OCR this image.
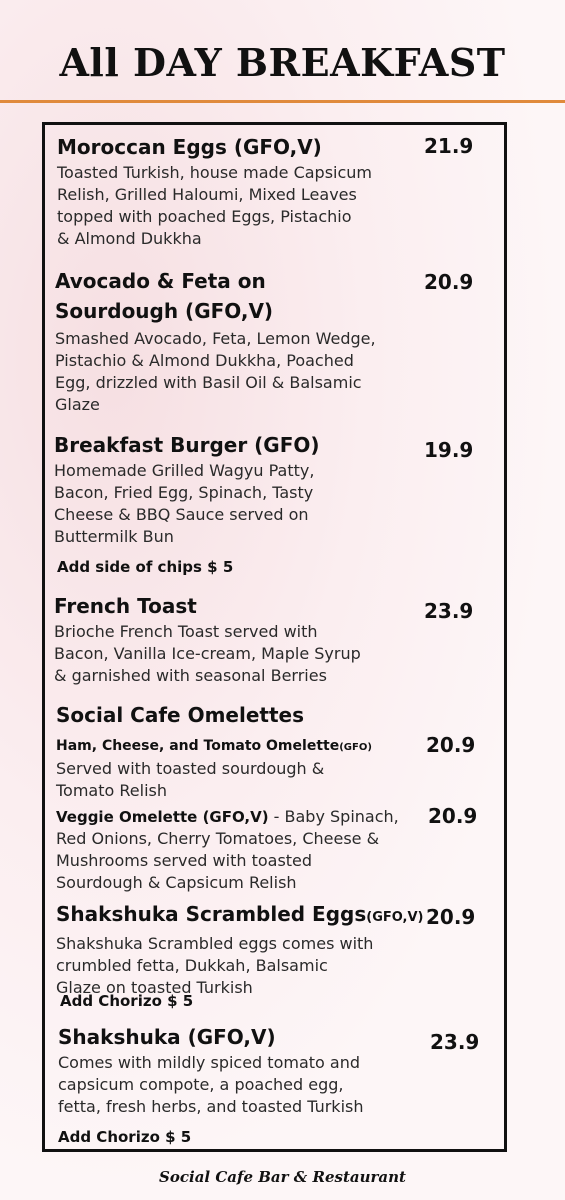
All DAY BREAKFAST
Moroccan Eggs (GFO,V)
Toasted Turkish, house made Capsicum
Relish, Grilled Haloumi, Mixed Leaves
topped with poached Eggs, Pistachio
& Almond Dukkha
21.9
Avocado & Feta on
Sourdough (GFO,V)
Smashed Avocado, Feta, Lemon Wedge,
Pistachio & Almond Dukkha, Poached
Egg, drizzled with Basil Oil & Balsamic
Glaze
20.9
Breakfast Burger (GFO)
Homemade Grilled Wagyu Patty,
Bacon, Fried Egg, Spinach, Tasty
Cheese & BBQ Sauce served on
Buttermilk Bun
19.9
Add side of chips $ 5
French Toast
Brioche French Toast served with
Bacon, Vanilla Ice-cream, Maple Syrup
& garnished with seasonal Berries
23.9
Social Cafe Omelettes
Ham, Cheese, and Tomato Omelette(GFO)
Served with toasted sourdough &
Tomato Relish
20.9
Veggie Omelette (GFO,V) - Baby Spinach,
Red Onions, Cherry Tomatoes, Cheese &
Mushrooms served with toasted
Sourdough & Capsicum Relish
20.9
Shakshuka Scrambled Eggs(GFO,V)
Shakshuka Scrambled eggs comes with
crumbled fetta, Dukkah, Balsamic
Glaze on toasted Turkish
20.9
Add Chorizo $ 5
Shakshuka (GFO,V)
Comes with mildly spiced tomato and
capsicum compote, a poached egg,
fetta, fresh herbs, and toasted Turkish
23.9
Add Chorizo $ 5
Social Cafe Bar & Restaurant
